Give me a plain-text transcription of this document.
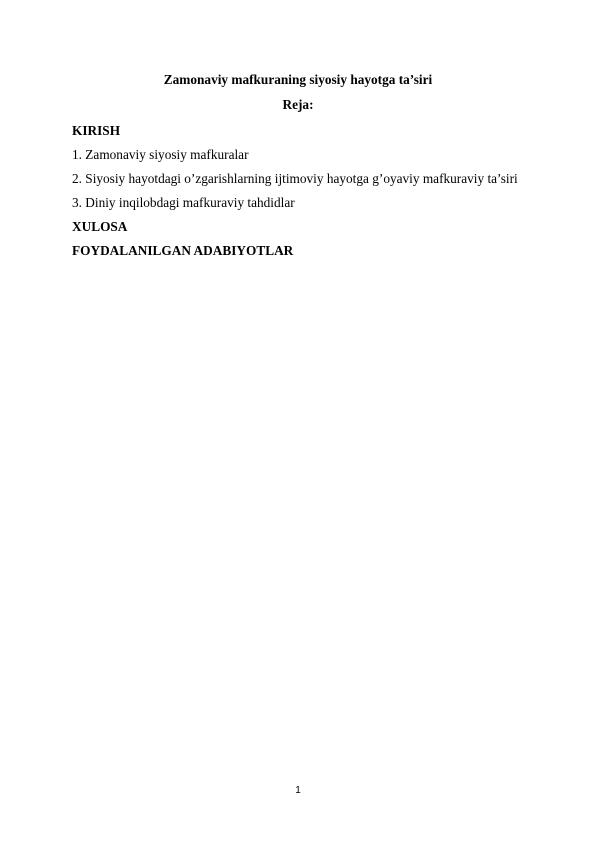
Zamonaviy mafkuraning siyosiy hayotga ta’siri
Reja:
KIRISH
1. Zamonaviy siyosiy mafkuralar
2. Siyosiy hayotdagi o’zgarishlarning ijtimoviy hayotga g’oyaviy mafkuraviy ta’siri
3. Diniy inqilobdagi mafkuraviy tahdidlar
XULOSA
FOYDALANILGAN ADABIYOTLAR
1
